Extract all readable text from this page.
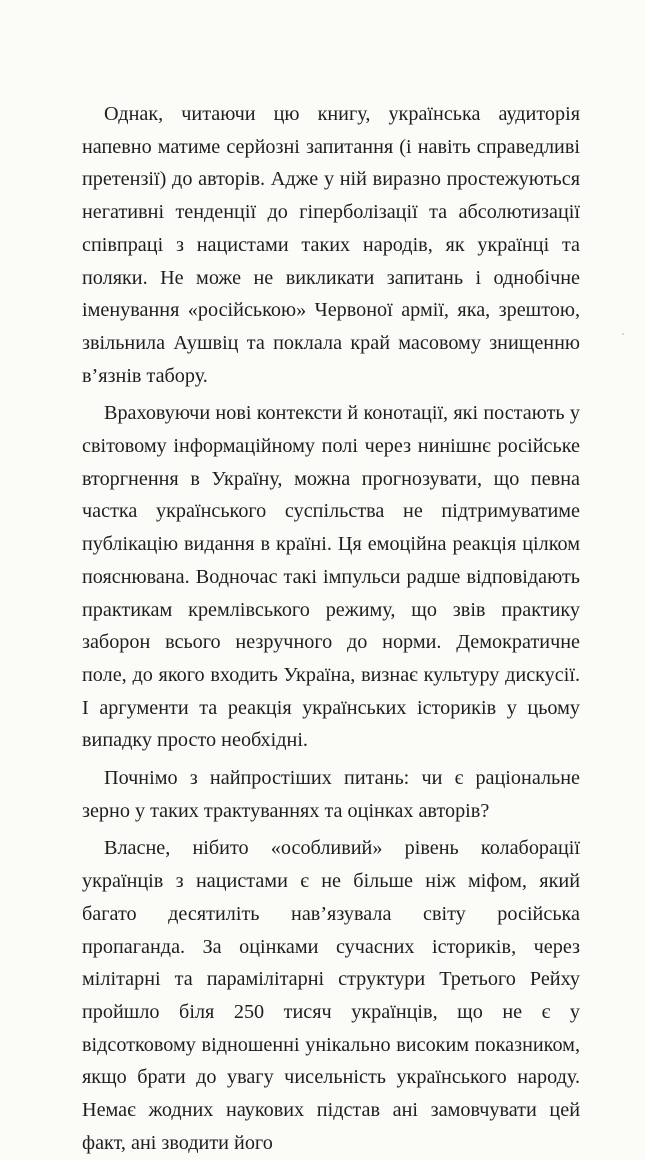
Однак, читаючи цю книгу, українська аудиторія напевно матиме серйозні запитання (і навіть справедливі претензії) до авторів. Адже у ній виразно простежуються негативні тенденції до гіперболізації та абсолютизації співпраці з нацистами таких народів, як українці та поляки. Не може не викликати запитань і однобічне іменування «російською» Червоної армії, яка, зрештою, звільнила Аушвіц та поклала край масовому знищенню в’язнів табору.

Враховуючи нові контексти й конотації, які постають у світовому інформаційному полі через нинішнє російське вторгнення в Україну, можна прогнозувати, що певна частка українського суспільства не підтримуватиме публікацію видання в країні. Ця емоційна реакція цілком пояснювана. Водночас такі імпульси радше відповідають практикам кремлівського режиму, що звів практику заборон всього незручного до норми. Демократичне поле, до якого входить Україна, визнає культуру дискусії. І аргументи та реакція українських істориків у цьому випадку просто необхідні.

Почнімо з найпростіших питань: чи є раціональне зерно у таких трактуваннях та оцінках авторів?

Власне, нібито «особливий» рівень колаборації українців з нацистами є не більше ніж міфом, який багато десятиліть нав’язувала світу російська пропаганда. За оцінками сучасних істориків, через мілітарні та парамілітарні структури Третього Рейху пройшло біля 250 тисяч українців, що не є у відсотковому відношенні унікально високим показником, якщо брати до увагу чисельність українського народу. Немає жодних наукових підстав ані замовчувати цей факт, ані зводити його
